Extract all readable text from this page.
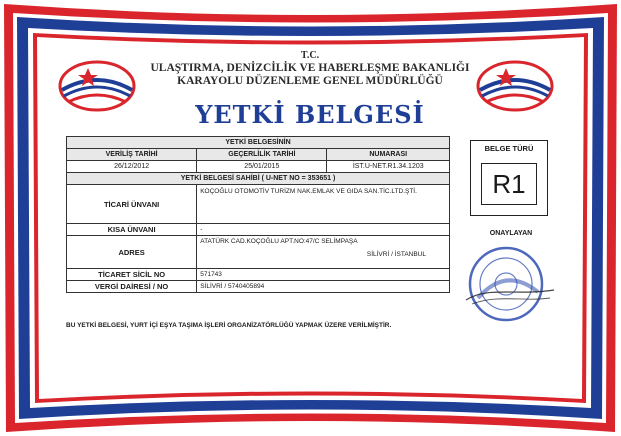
T.C.
ULAŞTIRMA, DENİZCİLİK VE HABERLEŞME BAKANLIĞI
KARAYOLU DÜZENLEME GENEL MÜDÜRLÜĞÜ
YETKİ BELGESİ
YETKİ BELGESİNİN		
VERİLİŞ TARİHİ	GEÇERLİLİK TARİHİ	NUMARASI
26/12/2012	25/01/2015	İST.U-NET.R1.34.1203
YETKİ BELGESİ SAHİBİ ( U-NET NO = 353651 )		
TİCARİ ÜNVANI	KOÇOĞLU OTOMOTİV TURİZM NAK.EMLAK VE GIDA SAN.TİC.LTD.ŞTİ.	
KISA ÜNVANI	-	
ADRES	ATATÜRK CAD.KOÇOĞLU APT.NO:47/C SELİMPAŞA
SİLİVRİ / İSTANBUL	

TİCARET SİCİL NO	571743	
VERGİ DAİRESİ / NO	SİLİVRİ / 5740405894	
BELGE TÜRÜ
R1
ONAYLAYAN
BU YETKİ BELGESİ, YURT İÇİ EŞYA TAŞIMA İŞLERİ ORGANİZATÖRLÜĞÜ YAPMAK ÜZERE VERİLMİŞTİR.
